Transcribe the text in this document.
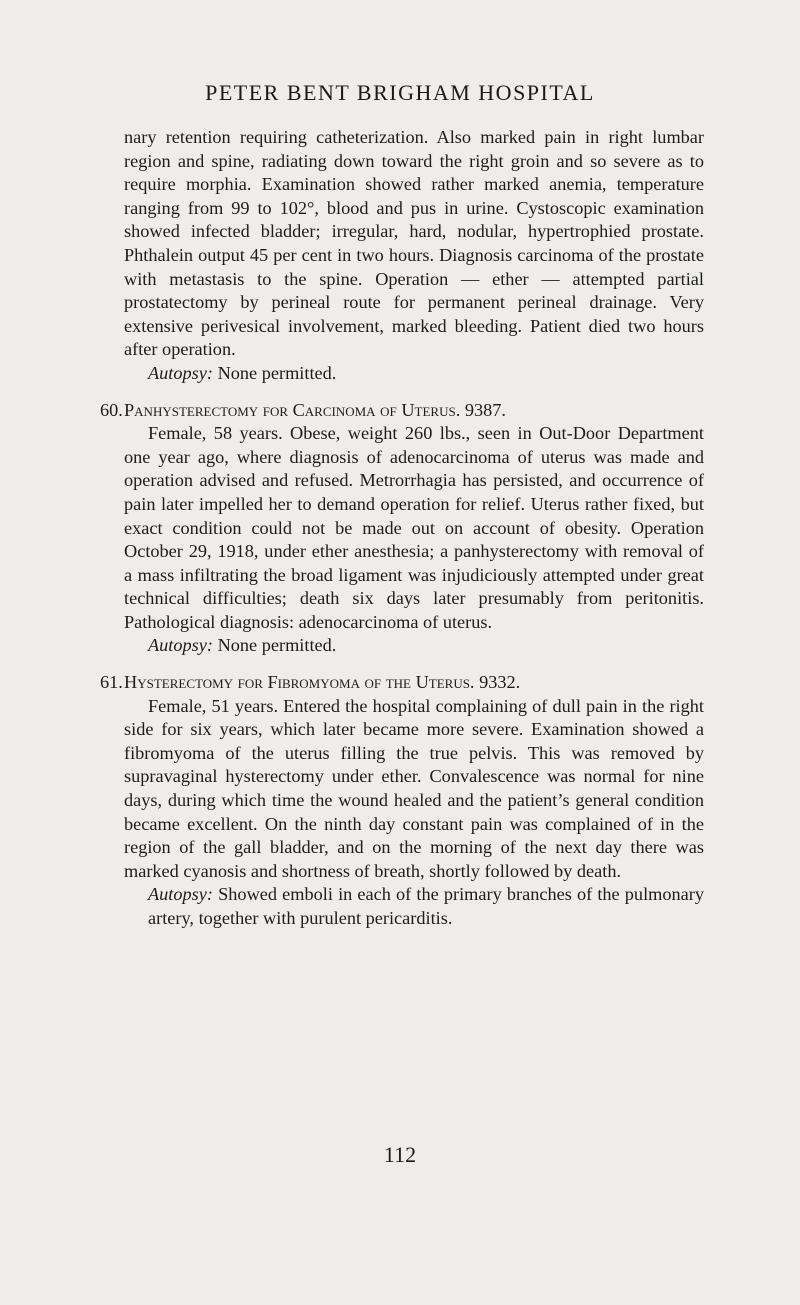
PETER BENT BRIGHAM HOSPITAL

nary retention requiring catheterization. Also marked pain in right lumbar region and spine, radiating down toward the right groin and so severe as to require morphia. Examination showed rather marked anemia, temperature ranging from 99 to 102°, blood and pus in urine. Cystoscopic examination showed infected bladder; irregular, hard, nodular, hypertrophied prostate. Phthalein output 45 per cent in two hours. Diagnosis carcinoma of the prostate with metastasis to the spine. Operation — ether — attempted partial prostatectomy by perineal route for permanent perineal drainage. Very extensive perivesical involvement, marked bleeding. Patient died two hours after operation.

Autopsy: None permitted.

60.Panhysterectomy for Carcinoma of Uterus. 9387.

Female, 58 years. Obese, weight 260 lbs., seen in Out-Door Department one year ago, where diagnosis of adenocarcinoma of uterus was made and operation advised and refused. Metrorrhagia has persisted, and occurrence of pain later impelled her to demand operation for relief. Uterus rather fixed, but exact condition could not be made out on account of obesity. Operation October 29, 1918, under ether anesthesia; a panhysterectomy with removal of a mass infiltrating the broad ligament was injudiciously attempted under great technical difficulties; death six days later presumably from peritonitis. Pathological diagnosis: adenocarcinoma of uterus.

Autopsy: None permitted.

61.Hysterectomy for Fibromyoma of the Uterus. 9332.

Female, 51 years. Entered the hospital complaining of dull pain in the right side for six years, which later became more severe. Examination showed a fibromyoma of the uterus filling the true pelvis. This was removed by supravaginal hysterectomy under ether. Convalescence was normal for nine days, during which time the wound healed and the patient’s general condition became excellent. On the ninth day constant pain was complained of in the region of the gall bladder, and on the morning of the next day there was marked cyanosis and shortness of breath, shortly followed by death.

Autopsy: Showed emboli in each of the primary branches of the pulmonary artery, together with purulent pericarditis.

112
